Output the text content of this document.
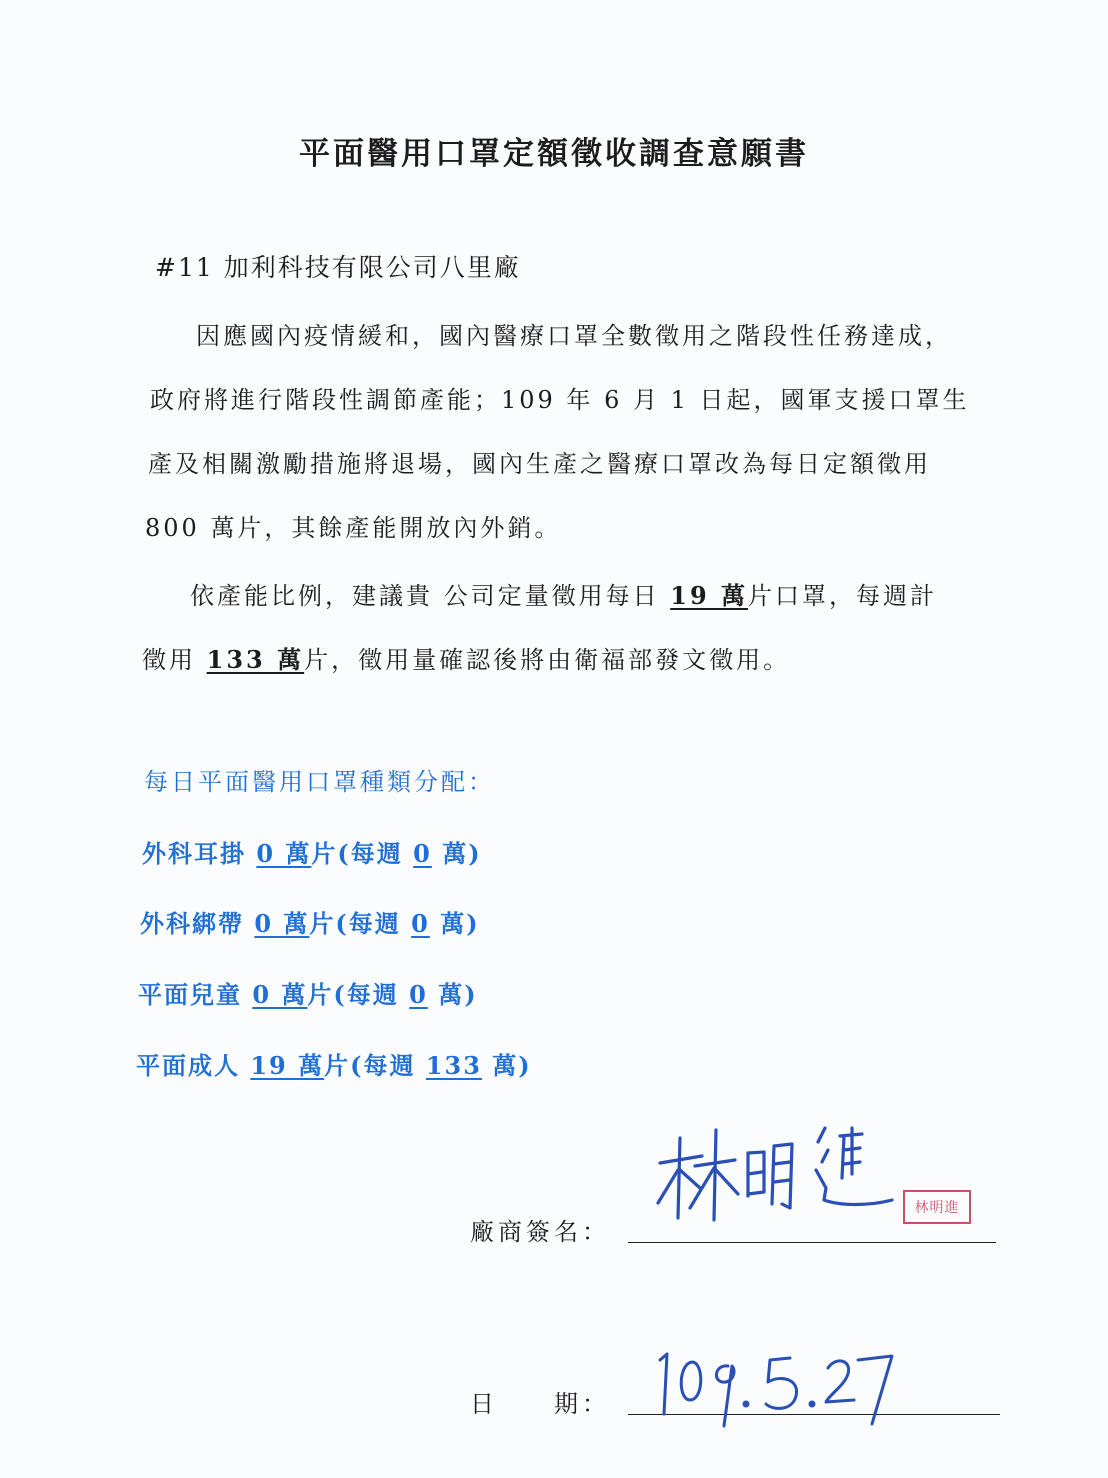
平面醫用口罩定額徵收調查意願書
#11 加利科技有限公司八里廠
因應國內疫情緩和，國內醫療口罩全數徵用之階段性任務達成，
政府將進行階段性調節產能；109 年 6 月 1 日起，國軍支援口罩生
產及相關激勵措施將退場，國內生產之醫療口罩改為每日定額徵用
800 萬片，其餘產能開放內外銷。
依產能比例，建議貴 公司定量徵用每日 19 萬片口罩，每週計
徵用 133 萬片，徵用量確認後將由衛福部發文徵用。
每日平面醫用口罩種類分配：
外科耳掛 0 萬片(每週 0 萬)
外科綁帶 0 萬片(每週 0 萬)
平面兒童 0 萬片(每週 0 萬)
平面成人 19 萬片(每週 133 萬)
廠商簽名：
林明進
日　　期：
